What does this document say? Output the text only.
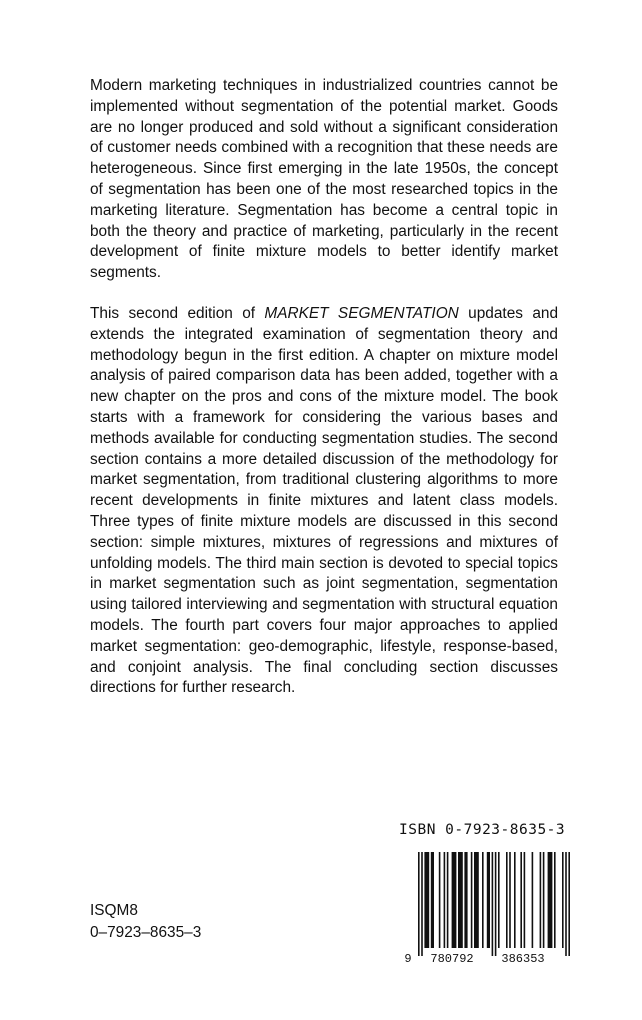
Modern marketing techniques in industrialized countries cannot be implemented without segmentation of the potential market. Goods are no longer produced and sold without a significant consideration of customer needs combined with a recognition that these needs are heterogeneous. Since first emerging in the late 1950s, the concept of segmentation has been one of the most researched topics in the marketing literature. Segmentation has become a central topic in both the theory and practice of marketing, particularly in the recent development of finite mixture models to better identify market segments.

This second edition of MARKET SEGMENTATION updates and extends the integrated examination of segmentation theory and methodology begun in the first edition. A chapter on mixture model analysis of paired comparison data has been added, together with a new chapter on the pros and cons of the mixture model. The book starts with a framework for considering the various bases and methods available for conducting segmentation studies. The second section contains a more detailed discussion of the methodology for market segmentation, from traditional clustering algorithms to more recent developments in finite mixtures and latent class models. Three types of finite mixture models are discussed in this second section: simple mixtures, mixtures of regressions and mixtures of unfolding models. The third main section is devoted to special topics in market segmentation such as joint segmentation, segmentation using tailored interviewing and segmentation with structural equation models. The fourth part covers four major approaches to applied market segmentation: geo-demographic, lifestyle, response-based, and conjoint analysis. The final concluding section discusses directions for further research.

ISBN 0-7923-8635-3
9 780792 386353
ISQM8
0–7923–8635–3
